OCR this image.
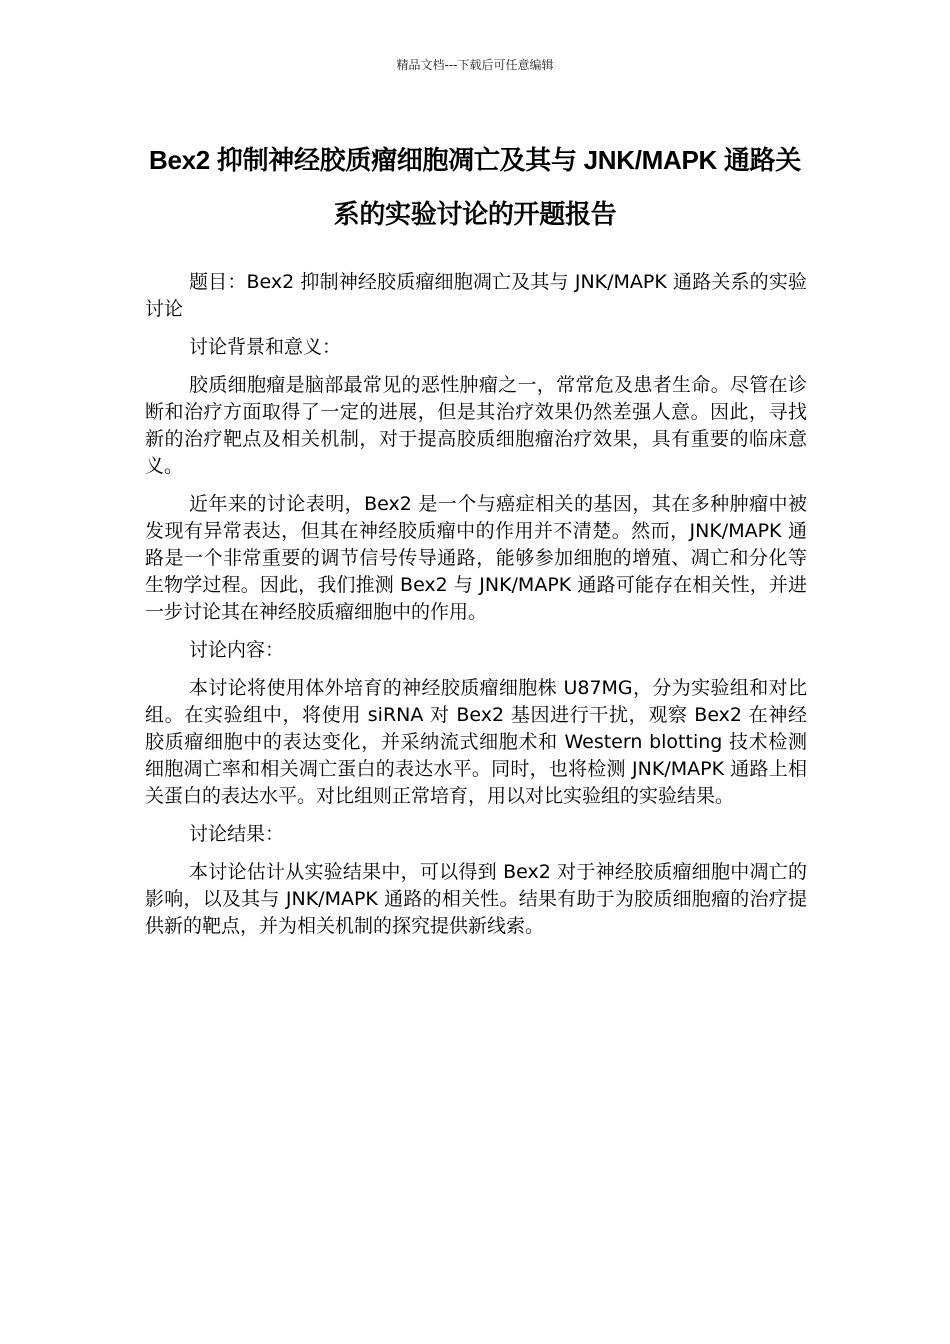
精品文档---下载后可任意编辑
Bex2 抑制神经胶质瘤细胞凋亡及其与 JNK/MAPK 通路关系的实验讨论的开题报告

题目：Bex2 抑制神经胶质瘤细胞凋亡及其与 JNK/MAPK 通路关系的实验讨论

讨论背景和意义：

胶质细胞瘤是脑部最常见的恶性肿瘤之一，常常危及患者生命。尽管在诊断和治疗方面取得了一定的进展，但是其治疗效果仍然差强人意。因此，寻找新的治疗靶点及相关机制，对于提高胶质细胞瘤治疗效果，具有重要的临床意义。

近年来的讨论表明，Bex2 是一个与癌症相关的基因，其在多种肿瘤中被发现有异常表达，但其在神经胶质瘤中的作用并不清楚。然而，JNK/MAPK 通路是一个非常重要的调节信号传导通路，能够参加细胞的增殖、凋亡和分化等生物学过程。因此，我们推测 Bex2 与 JNK/MAPK 通路可能存在相关性，并进一步讨论其在神经胶质瘤细胞中的作用。

讨论内容：

本讨论将使用体外培育的神经胶质瘤细胞株 U87MG，分为实验组和对比组。在实验组中，将使用 siRNA 对 Bex2 基因进行干扰，观察 Bex2 在神经胶质瘤细胞中的表达变化，并采纳流式细胞术和 Western blotting 技术检测细胞凋亡率和相关凋亡蛋白的表达水平。同时，也将检测 JNK/MAPK 通路上相关蛋白的表达水平。对比组则正常培育，用以对比实验组的实验结果。

讨论结果：

本讨论估计从实验结果中，可以得到 Bex2 对于神经胶质瘤细胞中凋亡的影响，以及其与 JNK/MAPK 通路的相关性。结果有助于为胶质细胞瘤的治疗提供新的靶点，并为相关机制的探究提供新线索。
